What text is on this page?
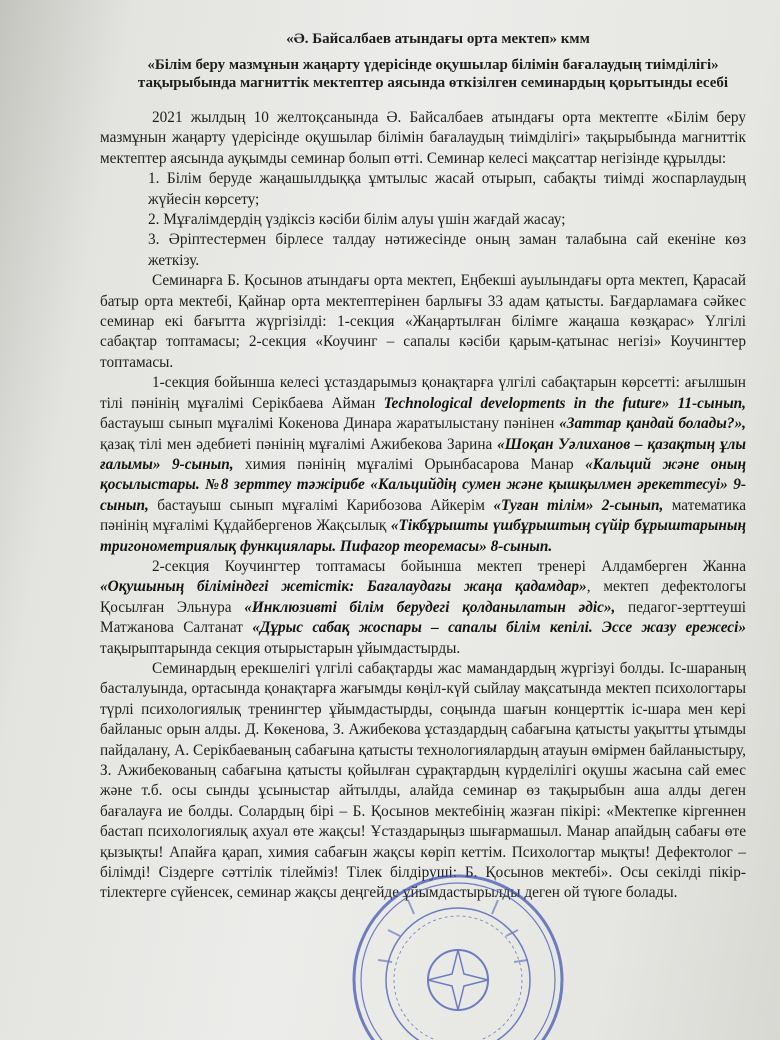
«Ә. Байсалбаев атындағы орта мектеп» кмм
«Білім беру мазмұнын жаңарту үдерісінде оқушылар білімін бағалаудың тиімділігі» тақырыбында магниттік мектептер аясында өткізілген семинардың қорытынды есебі

2021 жылдың 10 желтоқсанында Ә. Байсалбаев атындағы орта мектепте «Білім беру мазмұнын жаңарту үдерісінде оқушылар білімін бағалаудың тиімділігі» тақырыбында магниттік мектептер аясында ауқымды семинар болып өтті. Семинар келесі мақсаттар негізінде құрылды:

1. Білім беруде жаңашылдыққа ұмтылыс жасай отырып, сабақты тиімді жоспарлаудың жүйесін көрсету;

2. Мұғалімдердің үздіксіз кәсіби білім алуы үшін жағдай жасау;

3. Әріптестермен бірлесе талдау нәтижесінде оның заман талабына сай екеніне көз жеткізу.

Семинарға Б. Қосынов атындағы орта мектеп, Еңбекші ауылындағы орта мектеп, Қарасай батыр орта мектебі, Қайнар орта мектептерінен барлығы 33 адам қатысты. Бағдарламаға сәйкес семинар екі бағытта жүргізілді: 1-секция «Жаңартылған білімге жаңаша көзқарас» Үлгілі сабақтар топтамасы; 2-секция «Коучинг – сапалы кәсіби қарым-қатынас негізі» Коучингтер топтамасы.

1-секция бойынша келесі ұстаздарымыз қонақтарға үлгілі сабақтарын көрсетті: ағылшын тілі пәнінің мұғалімі Серікбаева Айман Technological developments in the future» 11-сынып, бастауыш сынып мұғалімі Кокенова Динара жаратылыстану пәнінен «Заттар қандай болады?», қазақ тілі мен әдебиеті пәнінің мұғалімі Ажибекова Зарина «Шоқан Уәлиханов – қазақтың ұлы ғалымы» 9-сынып, химия пәнінің мұғалімі Орынбасарова Манар «Кальций және оның қосылыстары. №8 зерттеу тәжірибе «Кальцийдің сумен және қышқылмен әрекеттесуі» 9-сынып, бастауыш сынып мұғалімі Карибозова Айкерім «Туған тілім» 2-сынып, математика пәнінің мұғалімі Құдайбергенов Жақсылық «Тікбұрышты үшбұрыштың сүйір бұрыштарының тригонометриялық функциялары. Пифагор теоремасы» 8-сынып.

2-секция Коучингтер топтамасы бойынша мектеп тренері Алдамберген Жанна «Оқушының біліміндегі жетістік: Бағалаудағы жаңа қадамдар», мектеп дефектологы Қосылған Эльнура «Инклюзивті білім берудегі қолданылатын әдіс», педагог-зерттеуші Матжанова Салтанат «Дұрыс сабақ жоспары – сапалы білім кепілі. Эссе жазу ережесі» тақырыптарында секция отырыстарын ұйымдастырды.

Семинардың ерекшелігі үлгілі сабақтарды жас мамандардың жүргізуі болды. Іс-шараның басталуында, ортасында қонақтарға жағымды көңіл-күй сыйлау мақсатында мектеп психологтары түрлі психологиялық тренингтер ұйымдастырды, соңында шағын концерттік іс-шара мен кері байланыс орын алды. Д. Көкенова, З. Ажибекова ұстаздардың сабағына қатысты уақытты ұтымды пайдалану, А. Серікбаеваның сабағына қатысты технологиялардың атауын өмірмен байланыстыру, З. Ажибекованың сабағына қатысты қойылған сұрақтардың күрделілігі оқушы жасына сай емес және т.б. осы сынды ұсыныстар айтылды, алайда семинар өз тақырыбын аша алды деген бағалауға ие болды. Солардың бірі – Б. Қосынов мектебінің жазған пікірі: «Мектепке кіргеннен бастап психологиялық ахуал өте жақсы! Ұстаздарыңыз шығармашыл. Манар апайдың сабағы өте қызықты! Апайға қарап, химия сабағын жақсы көріп кеттім. Психологтар мықты! Дефектолог – білімді! Сіздерге сәттілік тілейміз! Тілек білдіруші: Б. Қосынов мектебі». Осы секілді пікір-тілектерге сүйенсек, семинар жақсы деңгейде ұйымдастырылды деген ой түюге болады.
